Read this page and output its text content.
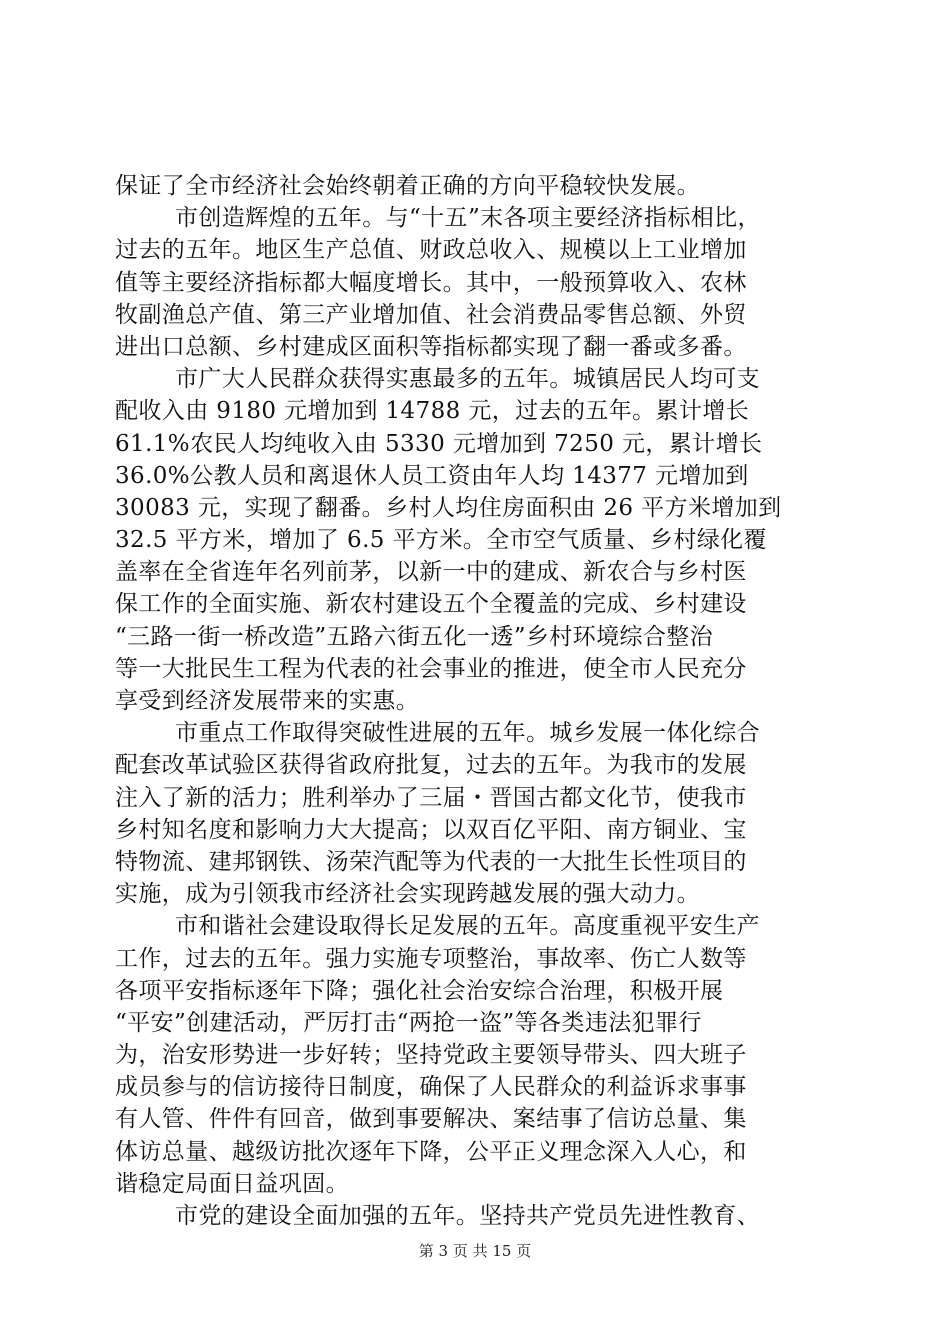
保证了全市经济社会始终朝着正确的方向平稳较快发展。
市创造辉煌的五年。与“十五”末各项主要经济指标相比，
过去的五年。地区生产总值、财政总收入、规模以上工业增加
值等主要经济指标都大幅度增长。其中，一般预算收入、农林
牧副渔总产值、第三产业增加值、社会消费品零售总额、外贸
进出口总额、乡村建成区面积等指标都实现了翻一番或多番。
市广大人民群众获得实惠最多的五年。城镇居民人均可支
配收入由 9180 元增加到 14788 元，过去的五年。累计增长
61.1%农民人均纯收入由 5330 元增加到 7250 元，累计增长
36.0%公教人员和离退休人员工资由年人均 14377 元增加到
30083 元，实现了翻番。乡村人均住房面积由 26 平方米增加到
32.5 平方米，增加了 6.5 平方米。全市空气质量、乡村绿化覆
盖率在全省连年名列前茅，以新一中的建成、新农合与乡村医
保工作的全面实施、新农村建设五个全覆盖的完成、乡村建设
“三路一街一桥改造”五路六街五化一透”乡村环境综合整治
等一大批民生工程为代表的社会事业的推进，使全市人民充分
享受到经济发展带来的实惠。
市重点工作取得突破性进展的五年。城乡发展一体化综合
配套改革试验区获得省政府批复，过去的五年。为我市的发展
注入了新的活力；胜利举办了三届・晋国古都文化节，使我市
乡村知名度和影响力大大提高；以双百亿平阳、南方铜业、宝
特物流、建邦钢铁、汤荣汽配等为代表的一大批生长性项目的
实施，成为引领我市经济社会实现跨越发展的强大动力。
市和谐社会建设取得长足发展的五年。高度重视平安生产
工作，过去的五年。强力实施专项整治，事故率、伤亡人数等
各项平安指标逐年下降；强化社会治安综合治理，积极开展
“平安”创建活动，严厉打击“两抢一盗”等各类违法犯罪行
为，治安形势进一步好转；坚持党政主要领导带头、四大班子
成员参与的信访接待日制度，确保了人民群众的利益诉求事事
有人管、件件有回音，做到事要解决、案结事了信访总量、集
体访总量、越级访批次逐年下降，公平正义理念深入人心，和
谐稳定局面日益巩固。
市党的建设全面加强的五年。坚持共产党员先进性教育、
第 3 页 共 15 页
